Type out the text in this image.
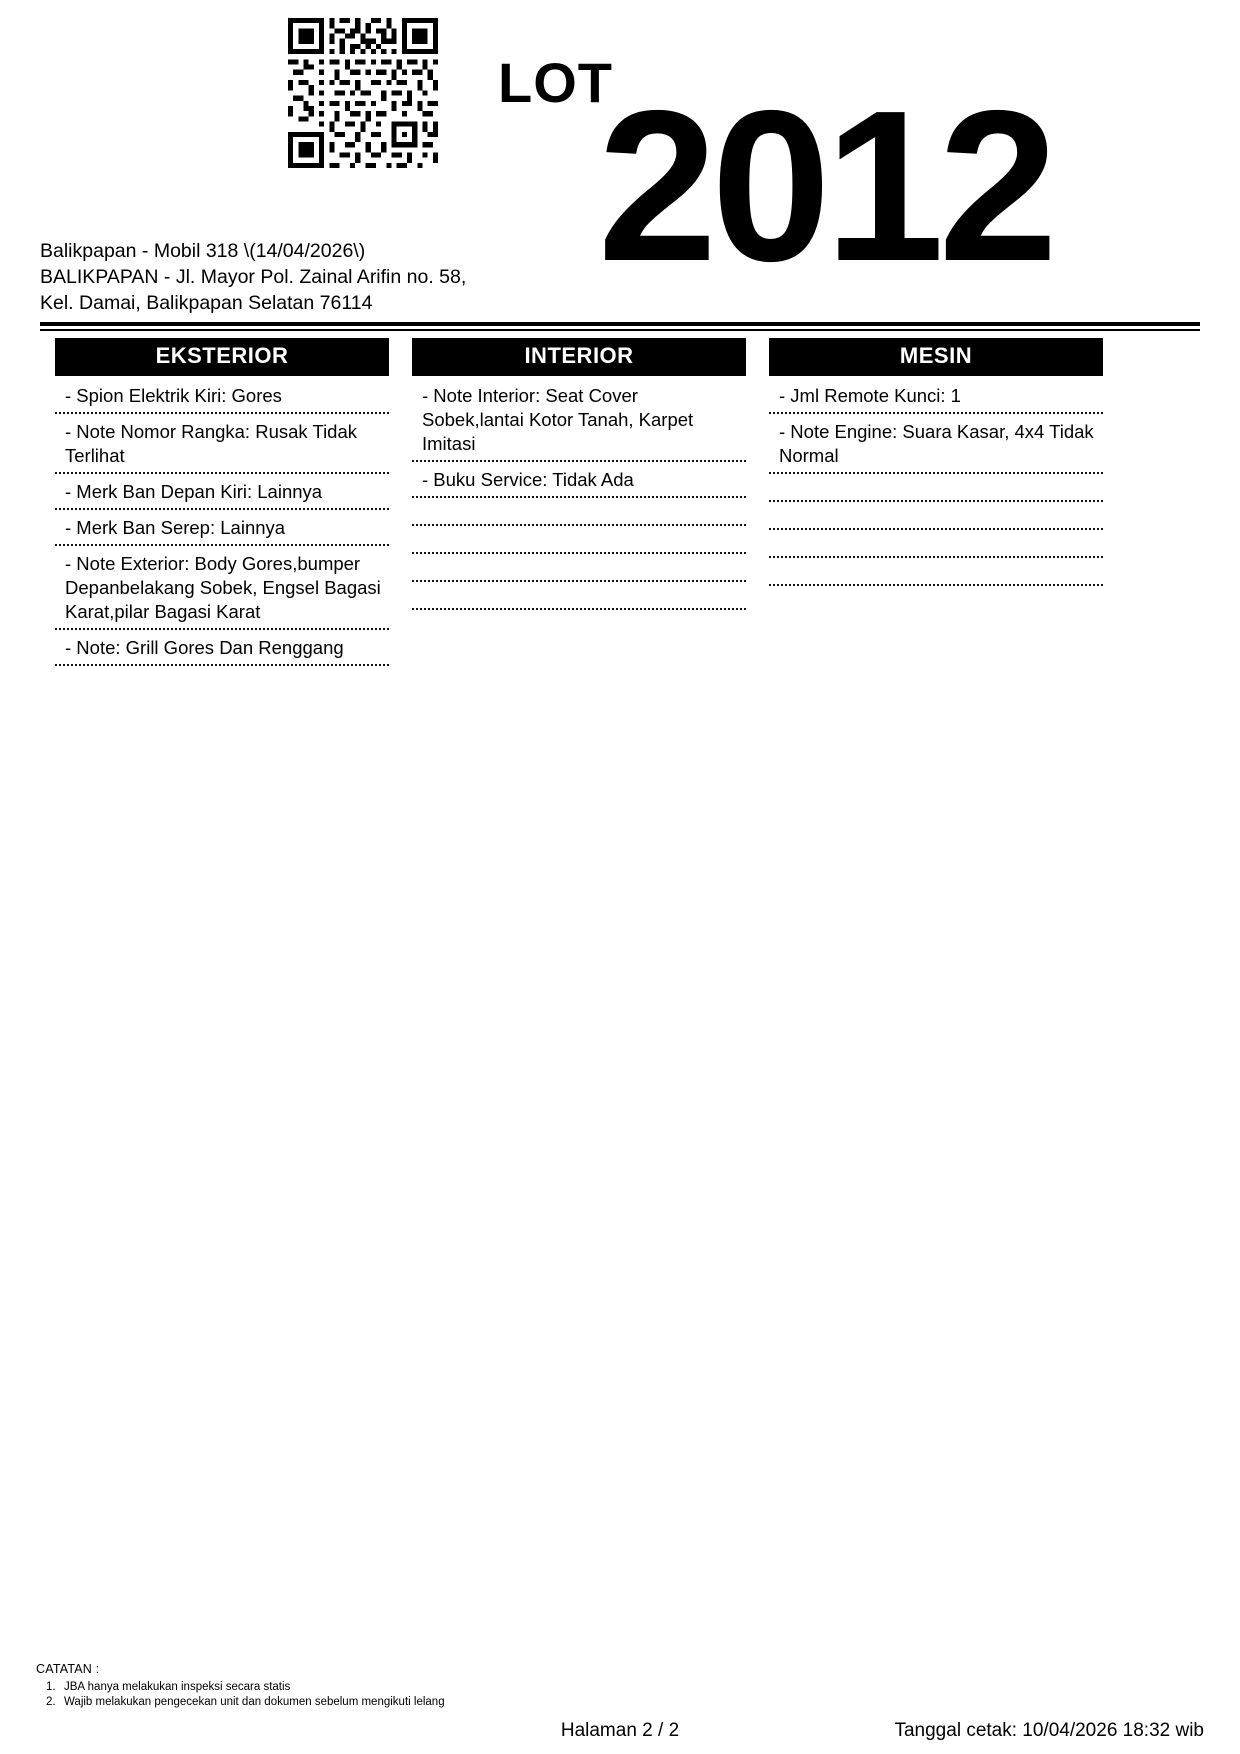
LOT
2012
Balikpapan - Mobil 318 \(14/04/2026\)
BALIKPAPAN - Jl. Mayor Pol. Zainal Arifin no. 58,
Kel. Damai, Balikpapan Selatan 76114
EKSTERIOR
- Spion Elektrik Kiri: Gores
- Note Nomor Rangka: Rusak Tidak Terlihat
- Merk Ban Depan Kiri: Lainnya
- Merk Ban Serep: Lainnya
- Note Exterior: Body Gores,bumper Depanbelakang Sobek, Engsel Bagasi Karat,pilar Bagasi Karat
- Note: Grill Gores Dan Renggang
INTERIOR
- Note Interior: Seat Cover Sobek,lantai Kotor Tanah, Karpet Imitasi
- Buku Service: Tidak Ada
MESIN
- Jml Remote Kunci: 1
- Note Engine: Suara Kasar, 4x4 Tidak Normal
CATATAN :
1. JBA hanya melakukan inspeksi secara statis
2. Wajib melakukan pengecekan unit dan dokumen sebelum mengikuti lelang
Halaman 2 / 2	Tanggal cetak: 10/04/2026 18:32 wib
